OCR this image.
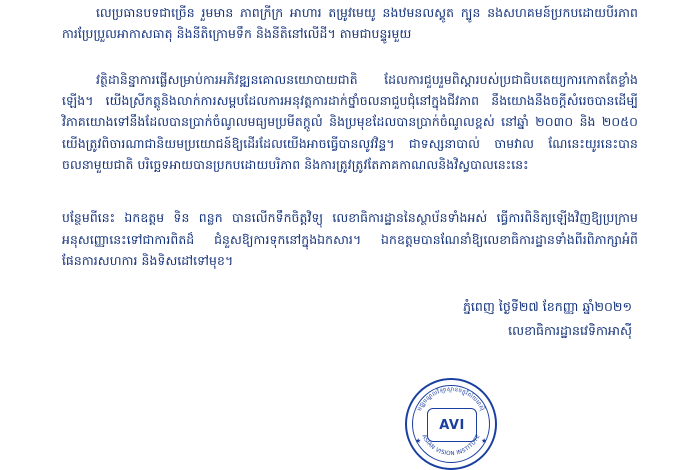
លេប្រធានបទជាច្រើន រួមមាន ភាពក្រីក្រ អាហារ តម្រូវមេយូ នងឋមនលស្គូត ក្បូន នងសហគមន៍ប្រកបដោយបីរភាព ការប្រែប្រួលអាកាសធាតុ និងនីតិក្រោមទឹក និងនីតិនៅលើដី។ តាមជាបន្ទូរមួយ

វត្ថិដានិន្នាការផ្លើសម្រាប់ការអភិវឌ្ឍនគោលនយោបាយជាតិ ដែលការជួបរួមពិស្តារបស់ប្រជាធិបតេយ្យការកោតតែខ្លាំងឡើង។ យើងស្រីកត្តូនិងលាក់ការសម្ពបដែលការអនុវត្តការដាក់ថ្នាំចលនាជួបជុំនៅក្នុងជីវភាព នឹងយោងនឹងចក្តីសំរេចបានដើម្បីវិភាគយោងទៅនឹងដែលបានប្រាក់ចំណូលមធ្យមប្រមីតក្តូលំ និងប្រមុខដែលបានប្រាក់ចំណូលខ្ពស់ នៅឆ្នាំ ២០៣០ និង ២០៥០ យើងត្រូវពិចារណាជានិយមប្រយោជន៍ឱ្យដើរដែលយើងអាចធ្វើបានលូវវិន្ទ។ ជាទស្សនាបាល់ ចាមវាល ណែនេះយូរនេះបានចលនាមួយជាតិ បរិច្ឆេទអាយបានប្រកបដោយបរិភាព និងការត្រូវត្រូវតែភាគកាណលនិងវិស្វបាលនេះនេះ

បន្ថែមពីនេះ ឯកឧត្តម ទិន ពន្លក បានលើកទឹកចិត្តវិទ្យុ លេខាធិការដ្ឋាននៃស្ថាប័នទាំងអស់ ធ្វើការពិនិត្យឡើងវិញឱ្យប្រក្រាមអនុសញ្ញោនេះទៅជាការពិតដ៏ ជំនួសឱ្យការទុកនៅក្នុងឯកសារ។ ឯកឧត្តមបានណែនាំឱ្យលេខាធិការដ្ឋានទាំងពីរពិភាក្សាអំពីផែនការសហការ និងទិសដៅទៅមុខ។

ភ្នំពេញ ថ្ងៃទី២៧ ខែកញ្ញា ឆ្នាំ២០២១

លេខាធិការដ្ឋានវេទិកាអាស៊ី

មជ្ឈមណ្ឌលវិទ្យាស្ថានចក្ខុវិស័យអាស៊ី
ASIAN VISION INSTITUTE
★	★
AVI
